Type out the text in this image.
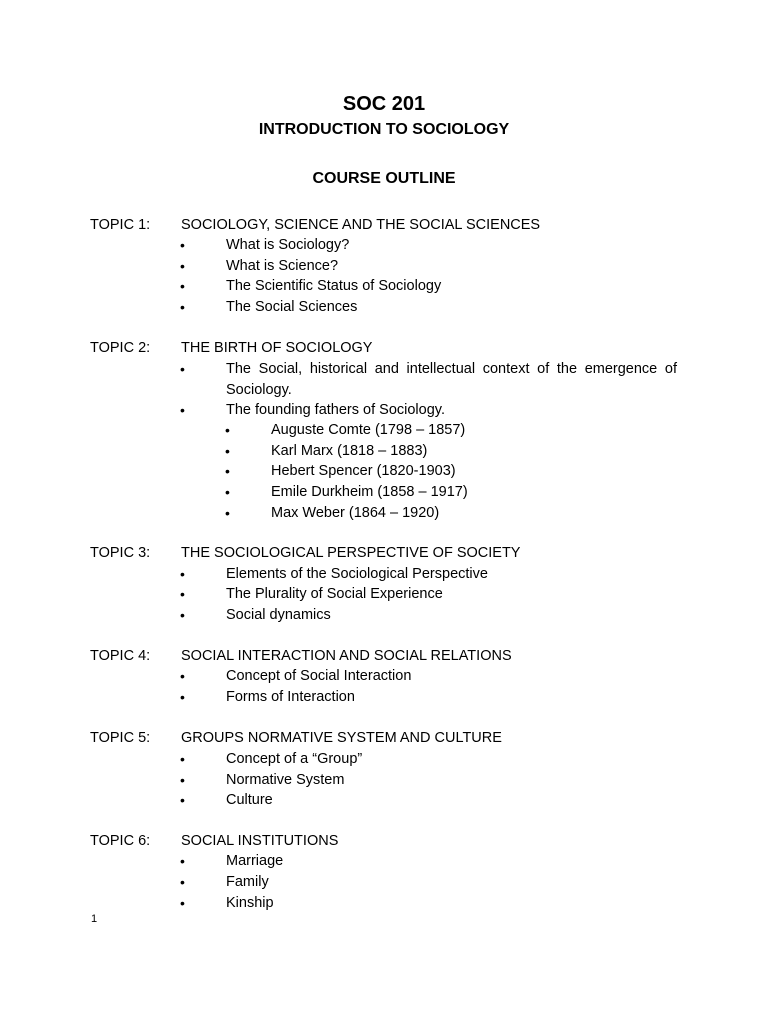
SOC 201
INTRODUCTION TO SOCIOLOGY
COURSE OUTLINE
TOPIC 1: SOCIOLOGY, SCIENCE AND THE SOCIAL SCIENCES
•	What is Sociology?
•	What is Science?
•	The Scientific Status of Sociology
•	The Social Sciences
TOPIC 2: THE BIRTH OF SOCIOLOGY
•	The Social, historical and intellectual context of the emergence of Sociology.
•	The founding fathers of Sociology.
•	Auguste Comte (1798 – 1857)
•	Karl Marx (1818 – 1883)
•	Hebert Spencer (1820-1903)
•	Emile Durkheim (1858 – 1917)
•	Max Weber (1864 – 1920)
TOPIC 3: THE SOCIOLOGICAL PERSPECTIVE OF SOCIETY
•	Elements of the Sociological Perspective
•	The Plurality of Social Experience
•	Social dynamics
TOPIC 4: SOCIAL INTERACTION AND SOCIAL RELATIONS
•	Concept of Social Interaction
•	Forms of Interaction
TOPIC 5: GROUPS NORMATIVE SYSTEM AND CULTURE
•	Concept of a “Group”
•	Normative System
•	Culture
TOPIC 6: SOCIAL INSTITUTIONS
•	Marriage
•	Family
•	Kinship
1
